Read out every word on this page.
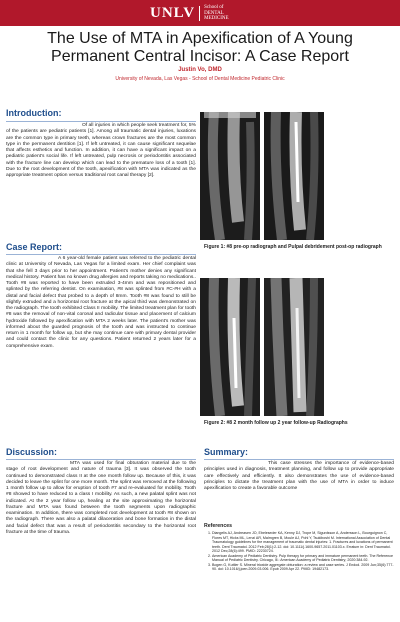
UNLV School of
DENTAL
MEDICINE
The Use of MTA in Apexification of A Young Permanent Central Incisor: A Case Report
Justin Vo, DMD
University of Nevada, Las Vegas - School of Dental Medicine Pediatric Clinic
Introduction:
Of all injuries in which people seek treatment for, 5% of the patients are pediatric patients [1]. Among all traumatic dental injuries, luxations are the common type in primary teeth, whereas crown fractures are the most common type in the permanent dentition [1]. If left untreated, it can cause significant sequelae that affects esthetics and function. In addition, it can have a significant impact on a pediatric patient's social life. If left untreated, pulp necrosis or periodontitis associated with the fracture line can develop which can lead to the premature loss of a tooth [1]. Due to the root development of the tooth, apexification with MTA was indicated as the appropriate treatment option versus traditional root canal therapy [2].
Case Report:
A 6 year-old female patient was referred to the pediatric dental clinic at University of Nevada, Las Vegas for a limited exam. Her chief complaint was that she fell 3 days prior to her appointment. Patient's mother denies any significant medical history. Patient has no known drug allergies and reports taking no medications.. Tooth #8 was reported to have been extruded 3-4mm and was repositioned and splinted by the referring dentist. On examination, #8 was splinted from #C-#H with a distal and facial defect that probed to a depth of 8mm. Tooth #8 was found to still be slightly extruded and a horizontal root fracture at the apical third was demonstrated on the radiograph. The tooth exhibited Class II mobility. The limited treatment plan for tooth #8 was the removal of non-vital coronal and radicular tissue and placement of calcium hydroxide followed by apexification with MTA 2 weeks later. The patient's mother was informed about the guarded prognosis of the tooth and was instructed to continue return in 1 month for follow up, but she may continue care with primary dental provider and could contact the clinic for any questions. Patient returned 2 years later for a comprehensive exam.
Figure 1: #8 pre-op radiograph and Pulpal debridement post-op radiograph
Figure 2: #8 2 month follow up 2 year follow-up Radiographs
Discussion:
MTA was used for final obturation material due to the stage of root development and nature of trauma [3]. It was observed the tooth continued to demonstrated class II at the one month follow up. Because of this, it was decided to leave the splint for one more month. The splint was removed at the following 1 month follow up to allow for eruption of tooth #7 and re-evaluated for mobility. Tooth #8 showed to have reduced to a class I mobility. As such, a new palatal splint was not indicated. At the 2 year follow up, healing at the site approximating the horizontal fracture and MTA was found between the tooth segments upon radiographic examination. In addition, there was completed root development at tooth #8 shown on the radiograph. There was also a palatal dilaceration and bone formation in the distal and facial defect that was a result of periodontitis secondary to the horizontal root fracture at the time of trauma.
Summary:
This case stresses the importance of evidence-based principles used in diagnosis, treatment planning, and follow up to provide appropriate care effectively and efficiently. It also demonstrates the use of evidence-based principles to dictate the treatment plan with the use of MTA in order to induce apexification to create a favorable outcome
References
1. Diangelis AJ, Andreasen JO, Ebeleseder KA, Kenny DJ, Trope M, Sigurdsson A, Andersson L, Bourguignon C, Flores MT, Hicks ML, Lenzi AR, Malmgren B, Moule AJ, Pohl Y, Tsukiboshi M. International Association of Dental Traumatology guidelines for the management of traumatic dental injuries: 1. Fractures and luxations of permanent teeth. Dent Traumatol. 2012 Feb;28(1):2-12. doi: 10.1111/j.1600-9657.2011.01103.x. Erratum in: Dent Traumatol. 2012 Dec;28(6):499. PMID: 22230724.
2. American Academy of Pediatric Dentistry. Pulp therapy for primary and immature permanent teeth. The Reference Manual of Pediatric Dentistry. Chicago, Ill.: American Academy of Pediatric Dentistry; 2020:384-92.
3. Bogen G, Kuttler S. Mineral trioxide aggregate obturation: a review and case series. J Endod. 2009 Jun;35(6):777-90. doi: 10.1016/j.joen.2009.03.006. Epub 2009 Apr 22. PMID: 19482173.
